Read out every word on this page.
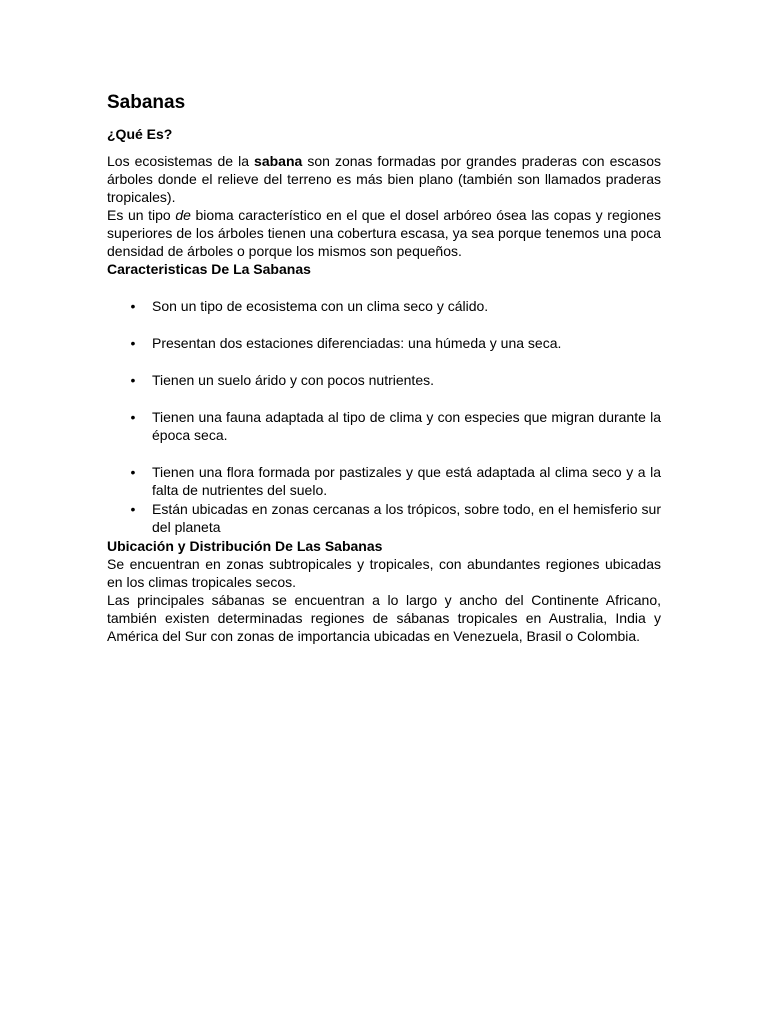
Sabanas
¿Qué Es?

Los ecosistemas de la sabana son zonas formadas por grandes praderas con escasos árboles donde el relieve del terreno es más bien plano (también son llamados praderas tropicales).

Es un tipo de bioma característico en el que el dosel arbóreo ósea las copas y regiones superiores de los árboles tienen una cobertura escasa, ya sea porque tenemos una poca densidad de árboles o porque los mismos son pequeños.

Caracteristicas De La Sabanas
• Son un tipo de ecosistema con un clima seco y cálido.
• Presentan dos estaciones diferenciadas: una húmeda y una seca.
• Tienen un suelo árido y con pocos nutrientes.
• Tienen una fauna adaptada al tipo de clima y con especies que migran durante la época seca.
• Tienen una flora formada por pastizales y que está adaptada al clima seco y a la falta de nutrientes del suelo.
• Están ubicadas en zonas cercanas a los trópicos, sobre todo, en el hemisferio sur del planeta
Ubicación y Distribución De Las Sabanas

Se encuentran en zonas subtropicales y tropicales, con abundantes regiones ubicadas en los climas tropicales secos.

Las principales sábanas se encuentran a lo largo y ancho del Continente Africano, también existen determinadas regiones de sábanas tropicales en Australia, India y América del Sur con zonas de importancia ubicadas en Venezuela, Brasil o Colombia.
